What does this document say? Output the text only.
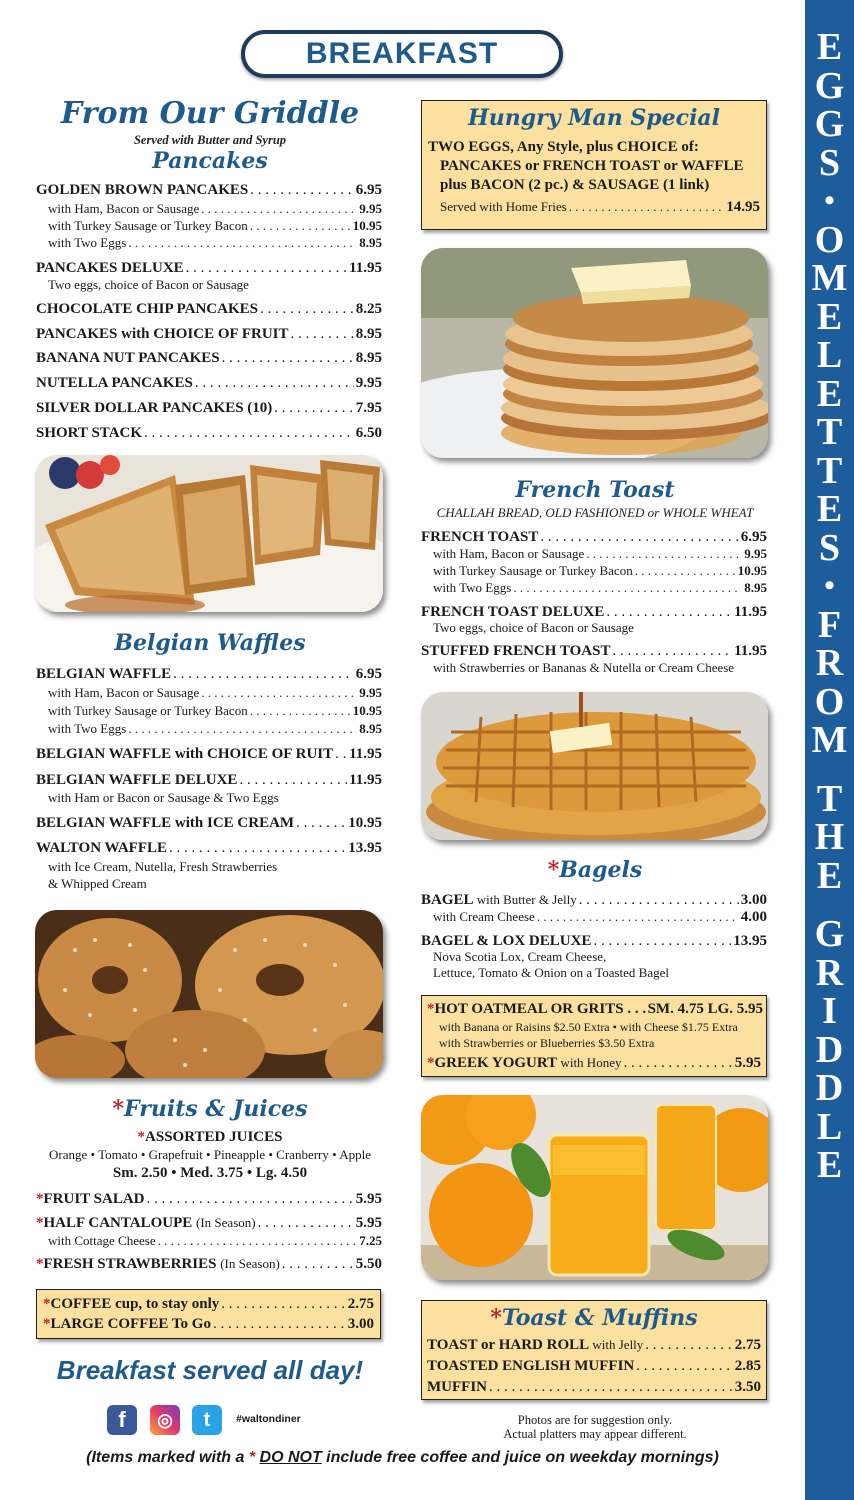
E
G
G
S
•
O
M
E
L
E
T
T
E
S
•
F
R
O
M
T
H
E
G
R
I
D
D
L
E
BREAKFAST
From Our Griddle
Served with Butter and Syrup
Pancakes
GOLDEN BROWN PANCAKES . . .	6.95
with Ham, Bacon or Sausage . . .	9.95
with Turkey Sausage or Turkey Bacon . . .	10.95
with Two Eggs . . .	8.95
PANCAKES DELUXE . . .	11.95
Two eggs, choice of Bacon or Sausage
CHOCOLATE CHIP PANCAKES . . .	8.25
PANCAKES with CHOICE OF FRUIT . . .	8.95
BANANA NUT PANCAKES . . .	8.95
NUTELLA PANCAKES . . .	9.95
SILVER DOLLAR PANCAKES (10) . . .	7.95
SHORT STACK . . .	6.50
Belgian Waffles
BELGIAN WAFFLE . . .	6.95
with Ham, Bacon or Sausage . . .	9.95
with Turkey Sausage or Turkey Bacon . . .	10.95
with Two Eggs . . .	8.95
BELGIAN WAFFLE with CHOICE OF RUIT . . . 11.95
BELGIAN WAFFLE DELUXE . . .	11.95
with Ham or Bacon or Sausage & Two Eggs
BELGIAN WAFFLE with ICE CREAM . . .	10.95
WALTON WAFFLE . . .	13.95
with Ice Cream, Nutella, Fresh Strawberries
& Whipped Cream
*Fruits & Juices
*ASSORTED JUICES
Orange • Tomato • Grapefruit • Pineapple • Cranberry • Apple
Sm. 2.50 • Med. 3.75 • Lg. 4.50
*FRUIT SALAD . . .	5.95
*HALF CANTALOUPE (In Season) . . .	5.95
with Cottage Cheese . . .	7.25
*FRESH STRAWBERRIES (In Season) . . .	5.50
*COFFEE cup, to stay only . . .	2.75
*LARGE COFFEE To Go . . .	3.00
Breakfast served all day!
f ◎ t #waltondiner	Photos are for suggestion only.
Actual platters may appear different.
(Items marked with a * DO NOT include free coffee and juice on weekday mornings)
Hungry Man Special
TWO EGGS, Any Style, plus CHOICE of:
PANCAKES or FRENCH TOAST or WAFFLE
plus BACON (2 pc.) & SAUSAGE (1 link)
Served with Home Fries . . .	14.95
French Toast
CHALLAH BREAD, OLD FASHIONED or WHOLE WHEAT
FRENCH TOAST . . .	6.95
with Ham, Bacon or Sausage . . .	9.95
with Turkey Sausage or Turkey Bacon . . .	10.95
with Two Eggs . . .	8.95
FRENCH TOAST DELUXE . . .	11.95
Two eggs, choice of Bacon or Sausage
STUFFED FRENCH TOAST . . .	11.95
with Strawberries or Bananas & Nutella or Cream Cheese
*Bagels
BAGEL with Butter & Jelly . . .	3.00
with Cream Cheese . . .	4.00
BAGEL & LOX DELUXE . . .	13.95
Nova Scotia Lox, Cream Cheese,
Lettuce, Tomato & Onion on a Toasted Bagel
*HOT OATMEAL OR GRITS . . . SM. 4.75 LG. 5.95
with Banana or Raisins $2.50 Extra • with Cheese $1.75 Extra
with Strawberries or Blueberries $3.50 Extra
*GREEK YOGURT with Honey . . .	5.95
*Toast & Muffins
TOAST or HARD ROLL with Jelly . . .	2.75
TOASTED ENGLISH MUFFIN . . .	2.85
MUFFIN . . .	3.50
